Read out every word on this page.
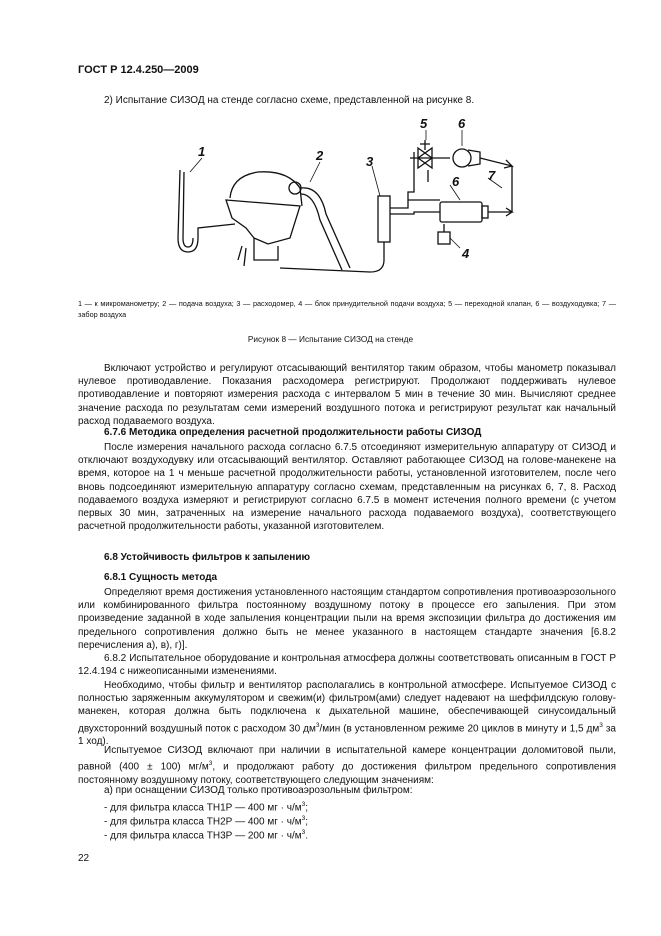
ГОСТ Р 12.4.250—2009
2) Испытание СИЗОД на стенде согласно схеме, представленной на рисунке 8.
1	2	3
4
5 6
6 7
1 — к микроманометру; 2 — подача воздуха; 3 — расходомер, 4 — блок принудительной подачи воздуха; 5 — переходной клапан, 6 — воздуходувка; 7 — забор воздуха
Рисунок 8 — Испытание СИЗОД на стенде
Включают устройство и регулируют отсасывающий вентилятор таким образом, чтобы манометр показывал нулевое противодавление. Показания расходомера регистрируют. Продолжают поддерживать нулевое противодавление и повторяют измерения расхода с интервалом 5 мин в течение 30 мин. Вычисляют среднее значение расхода по результатам семи измерений воздушного потока и регистрируют результат как начальный расход подаваемого воздуха.
6.7.6 Методика определения расчетной продолжительности работы СИЗОД
После измерения начального расхода согласно 6.7.5 отсоединяют измерительную аппаратуру от СИЗОД и отключают воздуходувку или отсасывающий вентилятор. Оставляют работающее СИЗОД на голове-манекене на время, которое на 1 ч меньше расчетной продолжительности работы, установленной изготовителем, после чего вновь подсоединяют измерительную аппаратуру согласно схемам, представленным на рисунках 6, 7, 8. Расход подаваемого воздуха измеряют и регистрируют согласно 6.7.5 в момент истечения полного времени (с учетом первых 30 мин, затраченных на измерение начального расхода подаваемого воздуха), соответствующего расчетной продолжительности работы, указанной изготовителем.
6.8 Устойчивость фильтров к запылению
6.8.1 Сущность метода
Определяют время достижения установленного настоящим стандартом сопротивления противоаэрозольного или комбинированного фильтра постоянному воздушному потоку в процессе его запыления. При этом произведение заданной в ходе запыления концентрации пыли на время экспозиции фильтра до достижения им предельного сопротивления должно быть не менее указанного в настоящем стандарте значения [6.8.2 перечисления а), в), г)].
6.8.2 Испытательное оборудование и контрольная атмосфера должны соответствовать описанным в ГОСТ Р 12.4.194 с нижеописанными изменениями.
Необходимо, чтобы фильтр и вентилятор располагались в контрольной атмосфере. Испытуемое СИЗОД с полностью заряженным аккумулятором и свежим(и) фильтром(ами) следует надевают на шеффилдскую голову-манекен, которая должна быть подключена к дыхательной машине, обеспечивающей синусоидальный двухсторонний воздушный поток с расходом 30 $дм^3$/мин (в установленном режиме 20 циклов в минуту и 1,5 $дм^3$ за 1 ход).
Испытуемое СИЗОД включают при наличии в испытательной камере концентрации доломитовой пыли, равной (400 ± 100) $мг/м^3$, и продолжают работу до достижения фильтром предельного сопротивления постоянному воздушному потоку, соответствующего следующим значениям:
а) при оснащении СИЗОД только противоаэрозольным фильтром:
- для фильтра класса ТН1Р — 400 мг · $ч/м^3$;
- для фильтра класса ТН2Р — 400 мг · $ч/м^3$;
- для фильтра класса ТН3Р — 200 мг · $ч/м^3$.
22
